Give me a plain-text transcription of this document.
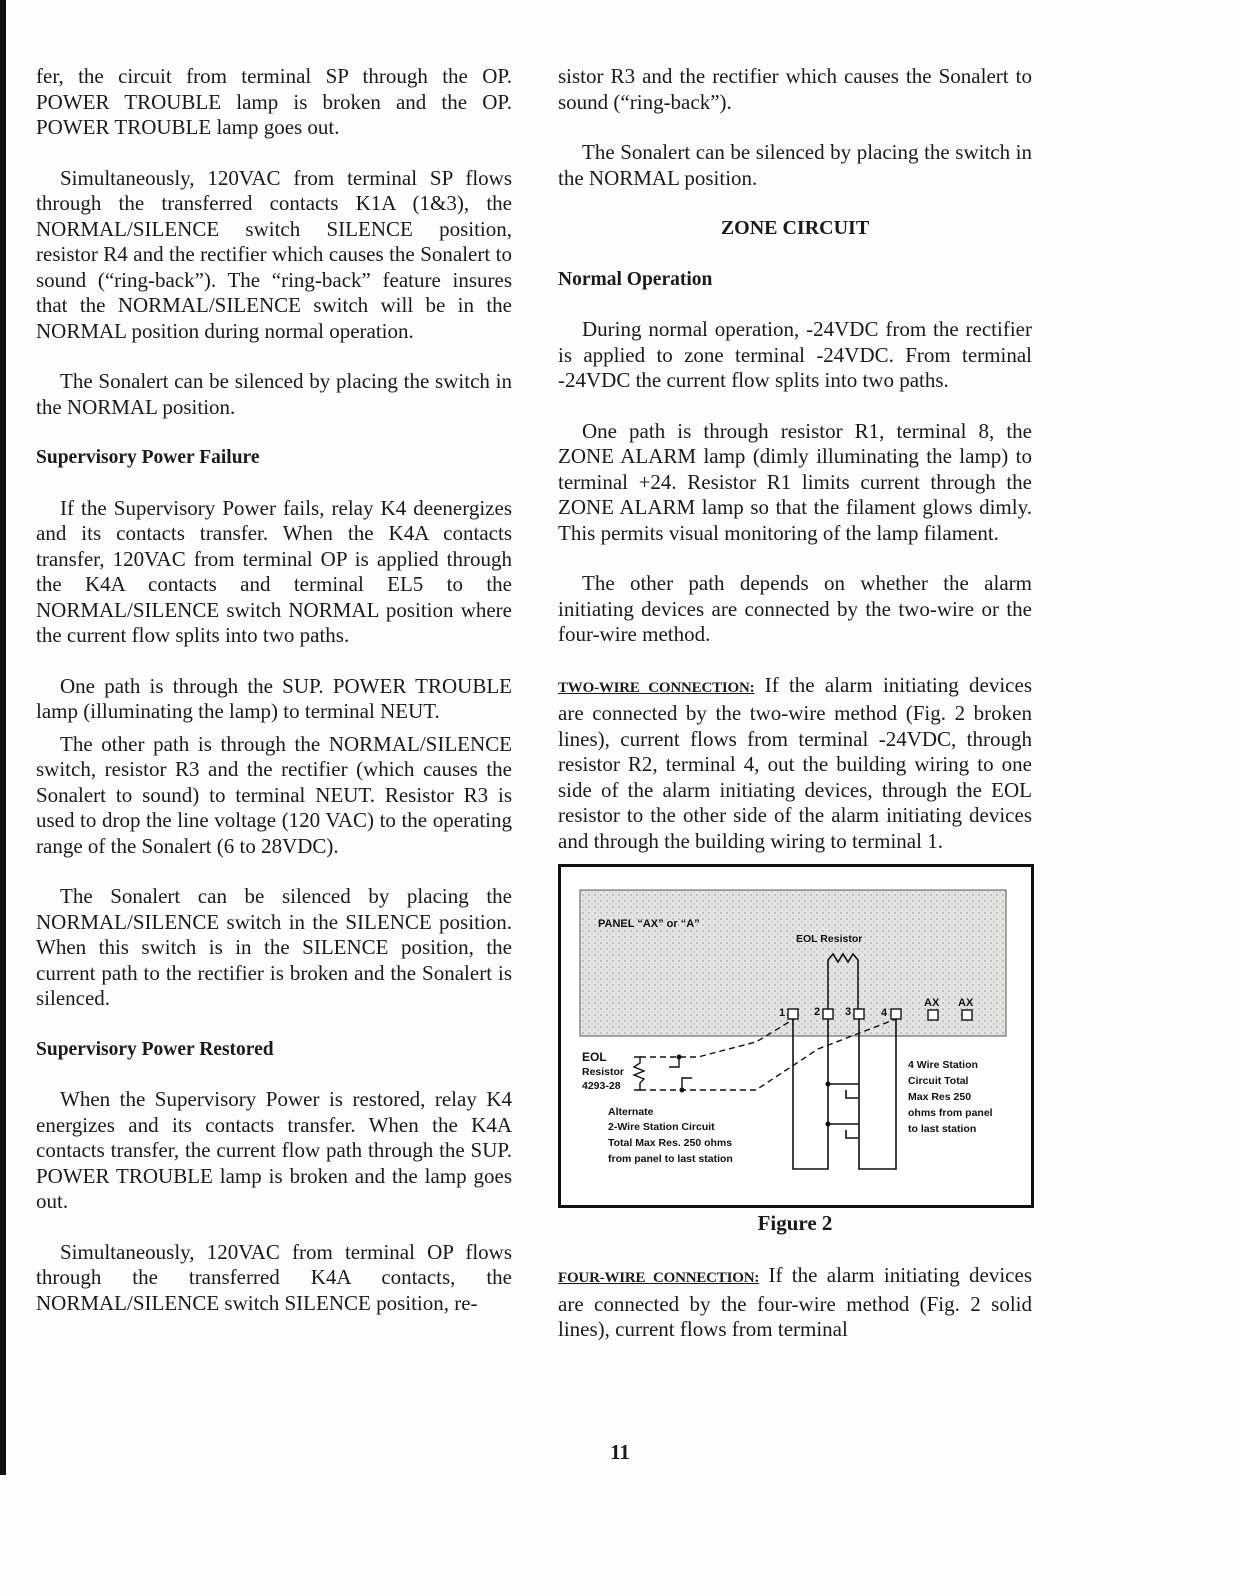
fer, the circuit from terminal SP through the OP. POWER TROUBLE lamp is broken and the OP. POWER TROUBLE lamp goes out.

Simultaneously, 120VAC from terminal SP flows through the transferred contacts K1A (1&3), the NORMAL/SILENCE switch SILENCE position, resistor R4 and the rectifier which causes the Sonalert to sound (“ring-back”). The “ring-back” feature insures that the NORMAL/SILENCE switch will be in the NORMAL position during normal operation.

The Sonalert can be silenced by placing the switch in the NORMAL position.

Supervisory Power Failure

If the Supervisory Power fails, relay K4 deenergizes and its contacts transfer. When the K4A contacts transfer, 120VAC from terminal OP is applied through the K4A contacts and terminal EL5 to the NORMAL/SILENCE switch NORMAL position where the current flow splits into two paths.

One path is through the SUP. POWER TROUBLE lamp (illuminating the lamp) to terminal NEUT.

The other path is through the NORMAL/SILENCE switch, resistor R3 and the rectifier (which causes the Sonalert to sound) to terminal NEUT. Resistor R3 is used to drop the line voltage (120 VAC) to the operating range of the Sonalert (6 to 28VDC).

The Sonalert can be silenced by placing the NORMAL/SILENCE switch in the SILENCE position. When this switch is in the SILENCE position, the current path to the rectifier is broken and the Sonalert is silenced.

Supervisory Power Restored

When the Supervisory Power is restored, relay K4 energizes and its contacts transfer. When the K4A contacts transfer, the current flow path through the SUP. POWER TROUBLE lamp is broken and the lamp goes out.

Simultaneously, 120VAC from terminal OP flows through the transferred K4A contacts, the NORMAL/SILENCE switch SILENCE position, re-

sistor R3 and the rectifier which causes the Sonalert to sound (“ring-back”).

The Sonalert can be silenced by placing the switch in the NORMAL position.

ZONE CIRCUIT
Normal Operation

During normal operation, -24VDC from the rectifier is applied to zone terminal -24VDC. From terminal -24VDC the current flow splits into two paths.

One path is through resistor R1, terminal 8, the ZONE ALARM lamp (dimly illuminating the lamp) to terminal +24. Resistor R1 limits current through the ZONE ALARM lamp so that the filament glows dimly. This permits visual monitoring of the lamp filament.

The other path depends on whether the alarm initiating devices are connected by the two-wire or the four-wire method.

TWO-WIRE CONNECTION: If the alarm initiating devices are connected by the two-wire method (Fig. 2 broken lines), current flows from terminal -24VDC, through resistor R2, terminal 4, out the building wiring to one side of the alarm initiating devices, through the EOL resistor to the other side of the alarm initiating devices and through the building wiring to terminal 1.

PANEL “AX” or “A”
EOL Resistor
1	2 3	4
AX AX
EOL
Resistor
4293-28
Alternate
2-Wire Station Circuit
Total Max Res. 250 ohms
from panel to last station
4 Wire Station
Circuit Total
Max Res 250
ohms from panel
to last station
Figure 2

FOUR-WIRE CONNECTION: If the alarm initiating devices are connected by the four-wire method (Fig. 2 solid lines), current flows from terminal

11
